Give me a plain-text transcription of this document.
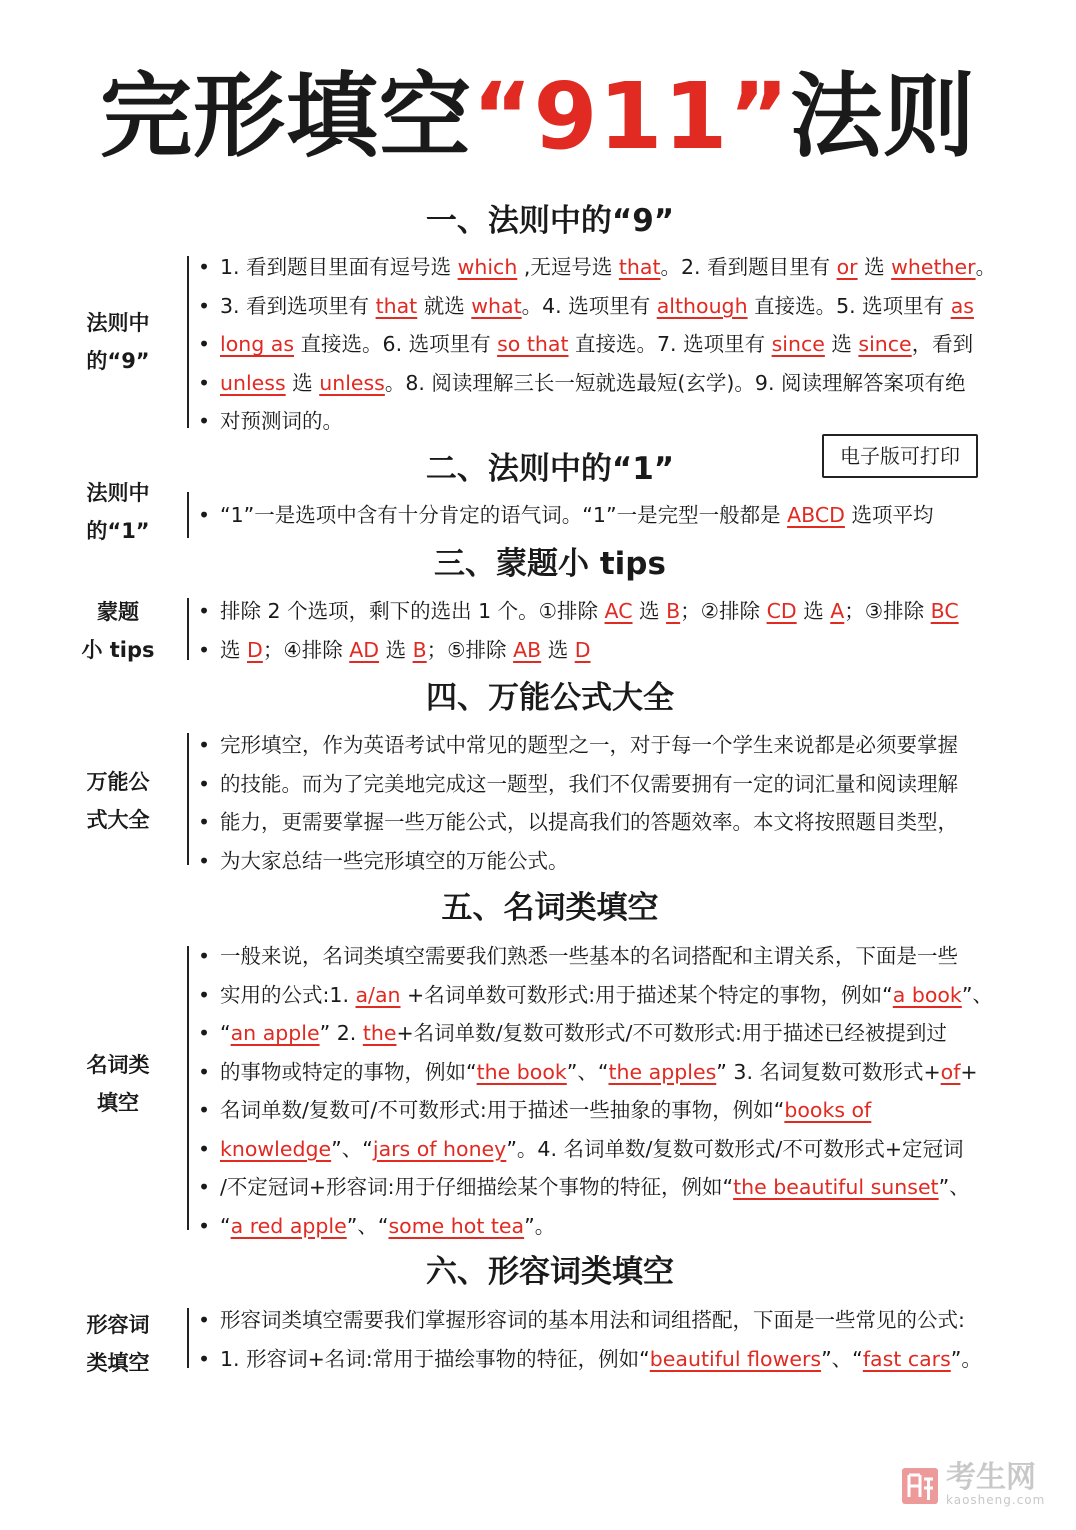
完形填空“911”法则
一、法则中的“9”
法则中
的“9”
• 1. 看到题目里面有逗号选 which ,无逗号选 that。2. 看到题目里有 or 选 whether。
• 3. 看到选项里有 that 就选 what。4. 选项里有 although 直接选。5. 选项里有 as
• long as 直接选。6. 选项里有 so that 直接选。7. 选项里有 since 选 since，看到
• unless 选 unless。8. 阅读理解三长一短就选最短(玄学)。9. 阅读理解答案项有绝
• 对预测词的。
电子版可打印
二、法则中的“1”
法则中
的“1”
• “1”一是选项中含有十分肯定的语气词。“1”一是完型一般都是 ABCD 选项平均
三、蒙题小 tips
蒙题
小 tips
• 排除 2 个选项，剩下的选出 1 个。①排除 AC 选 B；②排除 CD 选 A；③排除 BC
• 选 D；④排除 AD 选 B；⑤排除 AB 选 D
四、万能公式大全
万能公
式大全
• 完形填空，作为英语考试中常见的题型之一，对于每一个学生来说都是必须要掌握
• 的技能。而为了完美地完成这一题型，我们不仅需要拥有一定的词汇量和阅读理解
• 能力，更需要掌握一些万能公式，以提高我们的答题效率。本文将按照题目类型，
• 为大家总结一些完形填空的万能公式。
五、名词类填空
名词类
填空
• 一般来说，名词类填空需要我们熟悉一些基本的名词搭配和主谓关系，下面是一些
• 实用的公式:1. a/an +名词单数可数形式:用于描述某个特定的事物，例如“a book”、
• “an apple” 2. the+名词单数/复数可数形式/不可数形式:用于描述已经被提到过
• 的事物或特定的事物，例如“the book”、“the apples” 3. 名词复数可数形式+of+
• 名词单数/复数可/不可数形式:用于描述一些抽象的事物，例如“books of
• knowledge”、“jars of honey”。4. 名词单数/复数可数形式/不可数形式+定冠词
• /不定冠词+形容词:用于仔细描绘某个事物的特征，例如“the beautiful sunset”、
• “a red apple”、“some hot tea”。
六、形容词类填空
形容词
类填空
• 形容词类填空需要我们掌握形容词的基本用法和词组搭配，下面是一些常见的公式:
• 1. 形容词+名词:常用于描绘事物的特征，例如“beautiful flowers”、“fast cars”。
考生网
kaosheng.com
